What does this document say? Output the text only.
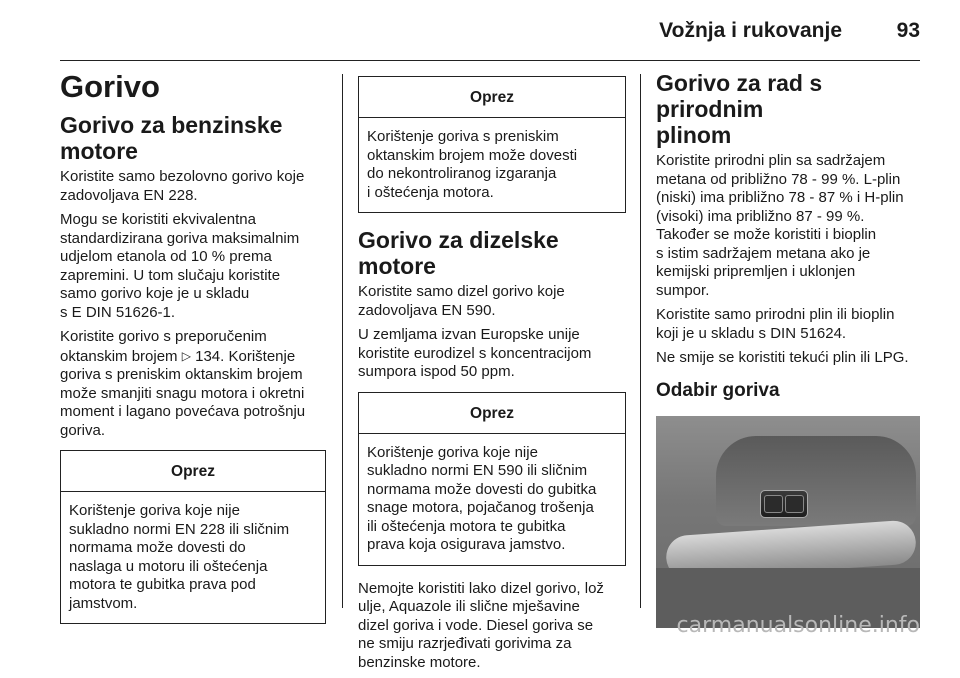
Vožnja i rukovanje	93
Gorivo
Gorivo za benzinske
motore

Koristite samo bezolovno gorivo koje
zadovoljava EN 228.

Mogu se koristiti ekvivalentna
standardizirana goriva maksimalnim
udjelom etanola od 10 % prema
zapremini. U tom slučaju koristite
samo gorivo koje je u skladu
s E DIN 51626-1.

Koristite gorivo s preporučenim
oktanskim brojem ▷ 134. Korištenje
goriva s preniskim oktanskim brojem
može smanjiti snagu motora i okretni
moment i lagano povećava potrošnju
goriva.

Oprez
Korištenje goriva koje nije
sukladno normi EN 228 ili sličnim
normama može dovesti do
naslaga u motoru ili oštećenja
motora te gubitka prava pod
jamstvom.
Oprez
Korištenje goriva s preniskim
oktanskim brojem može dovesti
do nekontroliranog izgaranja
i oštećenja motora.
Gorivo za dizelske motore

Koristite samo dizel gorivo koje
zadovoljava EN 590.

U zemljama izvan Europske unije
koristite eurodizel s koncentracijom
sumpora ispod 50 ppm.

Oprez
Korištenje goriva koje nije
sukladno normi EN 590 ili sličnim
normama može dovesti do gubitka
snage motora, pojačanog trošenja
ili oštećenja motora te gubitka
prava koja osigurava jamstvo.

Nemojte koristiti lako dizel gorivo, lož
ulje, Aquazole ili slične mješavine
dizel goriva i vode. Diesel goriva se
ne smiju razrjeđivati gorivima za
benzinske motore.

Gorivo za rad s prirodnim
plinom

Koristite prirodni plin sa sadržajem
metana od približno 78 - 99 %. L-plin
(niski) ima približno 78 - 87 % i H-plin
(visoki) ima približno 87 - 99 %.
Također se može koristiti i bioplin
s istim sadržajem metana ako je
kemijski pripremljen i uklonjen
sumpor.

Koristite samo prirodni plin ili bioplin
koji je u skladu s DIN 51624.

Ne smije se koristiti tekući plin ili LPG.

Odabir goriva
carmanualsonline.info
